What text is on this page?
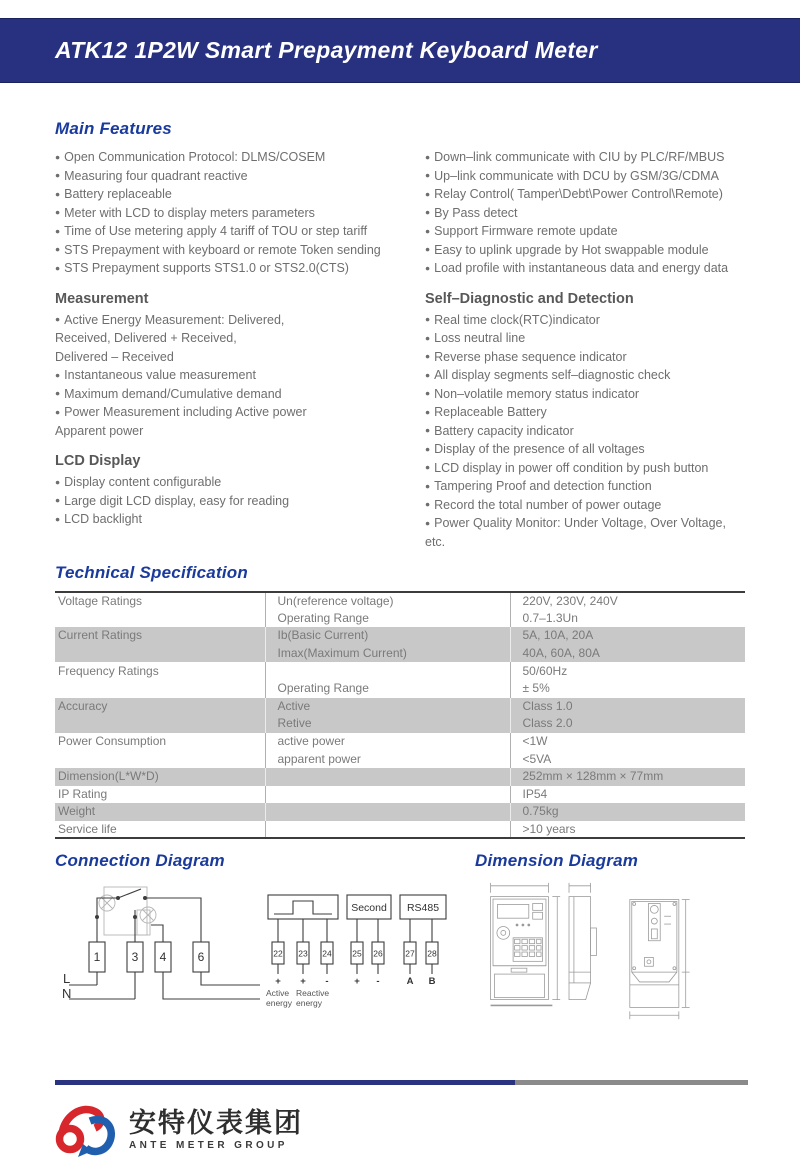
ATK12 1P2W Smart Prepayment Keyboard Meter
Main Features
● Open Communication Protocol: DLMS/COSEM
● Measuring four quadrant reactive
● Battery replaceable
● Meter with LCD to display meters parameters
● Time of Use metering apply 4 tariff of TOU or step tariff
● STS Prepayment with keyboard or remote Token sending
● STS Prepayment supports STS1.0 or STS2.0(CTS)
Measurement
● Active Energy Measurement: Delivered,
Received, Delivered + Received,
Delivered – Received
● Instantaneous value measurement
● Maximum demand/Cumulative demand
● Power Measurement including Active power
Apparent power
LCD Display
● Display content configurable
● Large digit LCD display, easy for reading
● LCD backlight
● Down–link communicate with CIU by PLC/RF/MBUS
● Up–link communicate with DCU by GSM/3G/CDMA
● Relay Control( Tamper\Debt\Power Control\Remote)
● By Pass detect
● Support Firmware remote update
● Easy to uplink upgrade by Hot swappable module
● Load profile with instantaneous data and energy data
Self–Diagnostic and Detection
● Real time clock(RTC)indicator
● Loss neutral line
● Reverse phase sequence indicator
● All display segments self–diagnostic check
● Non–volatile memory status indicator
● Replaceable Battery
● Battery capacity indicator
● Display of the presence of all voltages
● LCD display in power off condition by push button
● Tampering Proof and detection function
● Record the total number of power outage
● Power Quality Monitor: Under Voltage, Over Voltage, etc.
Technical Specification
Voltage Ratings	Un(reference voltage)	220V, 230V, 240V
	Operating Range	0.7–1.3Un
Current Ratings	Ib(Basic Current)	5A, 10A, 20A
	Imax(Maximum Current)	40A, 60A, 80A
Frequency Ratings		50/60Hz
	Operating Range	± 5%
Accuracy	Active	Class 1.0
	Retive	Class 2.0
Power Consumption	active power	<1W
	apparent power	<5VA
Dimension(L*W*D)		252mm × 128mm × 77mm
IP Rating		IP54
Weight		0.75kg
Service life		>10 years
Connection Diagram
1	3 4	6
L
N
Second RS485
22 23 24 25 26	27 28
+ + -	+ -	A B
Active
energy
Reactive
energy
Dimension Diagram
安特仪表集团
ANTE METER GROUP
